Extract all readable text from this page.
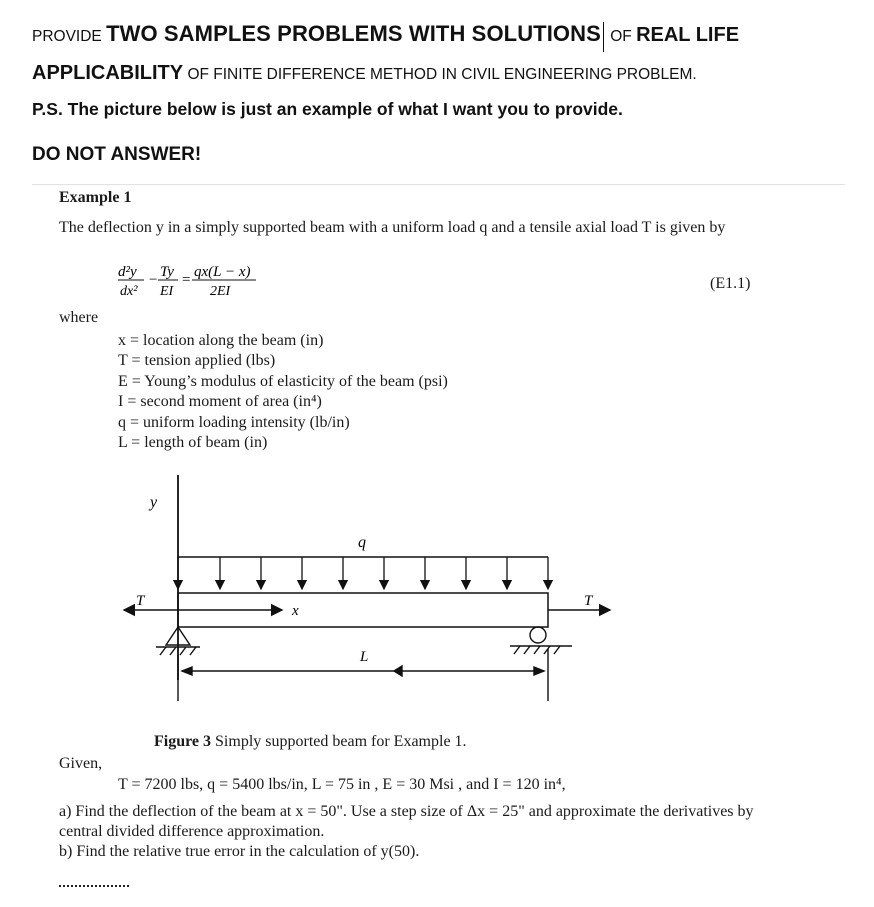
PROVIDE TWO SAMPLES PROBLEMS WITH SOLUTIONS OF REAL LIFE
APPLICABILITY OF FINITE DIFFERENCE METHOD IN CIVIL ENGINEERING PROBLEM.
P.S. The picture below is just an example of what I want you to provide.
DO NOT ANSWER!
Example 1
The deflection y in a simply supported beam with a uniform load q and a tensile axial load T is given by
d²y
dx²
− Ty
EI
= qx(L − x)
2EI	(E1.1)
where
x = location along the beam (in)
T = tension applied (lbs)
E = Young’s modulus of elasticity of the beam (psi)
I = second moment of area (in⁴)
q = uniform loading intensity (lb/in)
L = length of beam (in)
y
q
x
T	T
L
Figure 3 Simply supported beam for Example 1.
Given,
T = 7200 lbs, q = 5400 lbs/in, L = 75 in , E = 30 Msi , and I = 120 in⁴,
a) Find the deflection of the beam at x = 50". Use a step size of Δx = 25" and approximate the derivatives by central divided difference approximation.
b) Find the relative true error in the calculation of y(50).
